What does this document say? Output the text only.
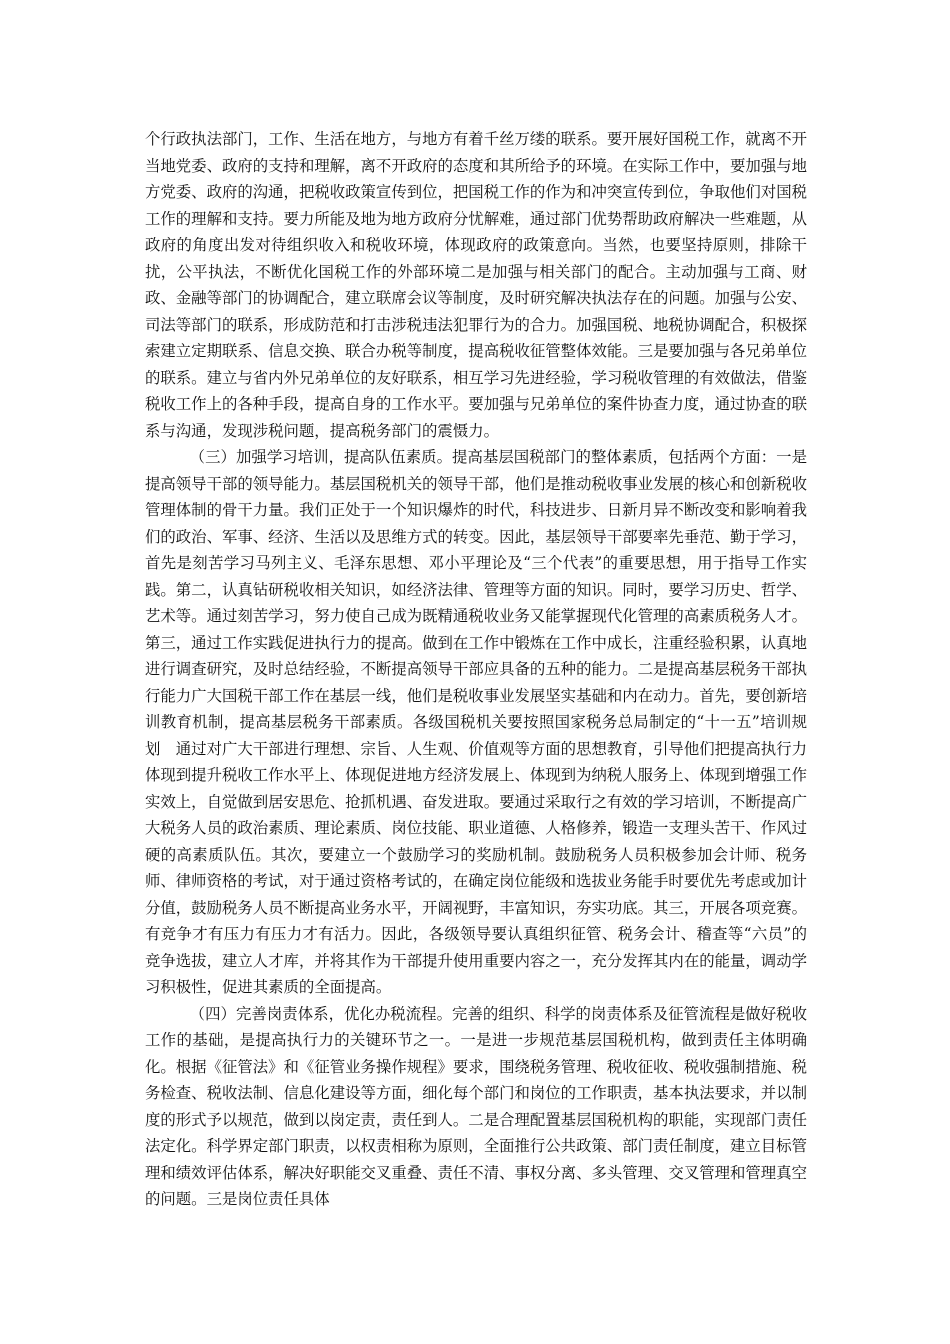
个行政执法部门，工作、生活在地方，与地方有着千丝万缕的联系。要开展好国税工作，就离不开当地党委、政府的支持和理解，离不开政府的态度和其所给予的环境。在实际工作中，要加强与地方党委、政府的沟通，把税收政策宣传到位，把国税工作的作为和冲突宣传到位，争取他们对国税工作的理解和支持。要力所能及地为地方政府分忧解难，通过部门优势帮助政府解决一些难题，从政府的角度出发对待组织收入和税收环境，体现政府的政策意向。当然，也要坚持原则，排除干扰，公平执法，不断优化国税工作的外部环境二是加强与相关部门的配合。主动加强与工商、财政、金融等部门的协调配合，建立联席会议等制度，及时研究解决执法存在的问题。加强与公安、司法等部门的联系，形成防范和打击涉税违法犯罪行为的合力。加强国税、地税协调配合，积极探索建立定期联系、信息交换、联合办税等制度，提高税收征管整体效能。三是要加强与各兄弟单位的联系。建立与省内外兄弟单位的友好联系，相互学习先进经验，学习税收管理的有效做法，借鉴税收工作上的各种手段，提高自身的工作水平。要加强与兄弟单位的案件协查力度，通过协查的联系与沟通，发现涉税问题，提高税务部门的震慑力。

（三）加强学习培训，提高队伍素质。提高基层国税部门的整体素质，包括两个方面：一是提高领导干部的领导能力。基层国税机关的领导干部，他们是推动税收事业发展的核心和创新税收管理体制的骨干力量。我们正处于一个知识爆炸的时代，科技进步、日新月异不断改变和影响着我们的政治、军事、经济、生活以及思维方式的转变。因此，基层领导干部要率先垂范、勤于学习，首先是刻苦学习马列主义、毛泽东思想、邓小平理论及“三个代表”的重要思想，用于指导工作实践。第二，认真钻研税收相关知识，如经济法律、管理等方面的知识。同时，要学习历史、哲学、艺术等。通过刻苦学习，努力使自己成为既精通税收业务又能掌握现代化管理的高素质税务人才。第三，通过工作实践促进执行力的提高。做到在工作中锻炼在工作中成长，注重经验积累，认真地进行调查研究，及时总结经验，不断提高领导干部应具备的五种的能力。二是提高基层税务干部执行能力广大国税干部工作在基层一线，他们是税收事业发展坚实基础和内在动力。首先，要创新培训教育机制，提高基层税务干部素质。各级国税机关要按照国家税务总局制定的“十一五”培训规划　通过对广大干部进行理想、宗旨、人生观、价值观等方面的思想教育，引导他们把提高执行力体现到提升税收工作水平上、体现促进地方经济发展上、体现到为纳税人服务上、体现到增强工作实效上，自觉做到居安思危、抢抓机遇、奋发进取。要通过采取行之有效的学习培训，不断提高广大税务人员的政治素质、理论素质、岗位技能、职业道德、人格修养，锻造一支理头苦干、作风过硬的高素质队伍。其次，要建立一个鼓励学习的奖励机制。鼓励税务人员积极参加会计师、税务师、律师资格的考试，对于通过资格考试的，在确定岗位能级和选拔业务能手时要优先考虑或加计分值，鼓励税务人员不断提高业务水平，开阔视野，丰富知识，夯实功底。其三，开展各项竞赛。有竞争才有压力有压力才有活力。因此，各级领导要认真组织征管、税务会计、稽查等“六员”的竞争选拔，建立人才库，并将其作为干部提升使用重要内容之一，充分发挥其内在的能量，调动学习积极性，促进其素质的全面提高。

（四）完善岗责体系，优化办税流程。完善的组织、科学的岗责体系及征管流程是做好税收工作的基础，是提高执行力的关键环节之一。一是进一步规范基层国税机构，做到责任主体明确化。根据《征管法》和《征管业务操作规程》要求，围绕税务管理、税收征收、税收强制措施、税务检查、税收法制、信息化建设等方面，细化每个部门和岗位的工作职责，基本执法要求，并以制度的形式予以规范，做到以岗定责，责任到人。二是合理配置基层国税机构的职能，实现部门责任法定化。科学界定部门职责，以权责相称为原则，全面推行公共政策、部门责任制度，建立目标管理和绩效评估体系，解决好职能交叉重叠、责任不清、事权分离、多头管理、交叉管理和管理真空的问题。三是岗位责任具体
